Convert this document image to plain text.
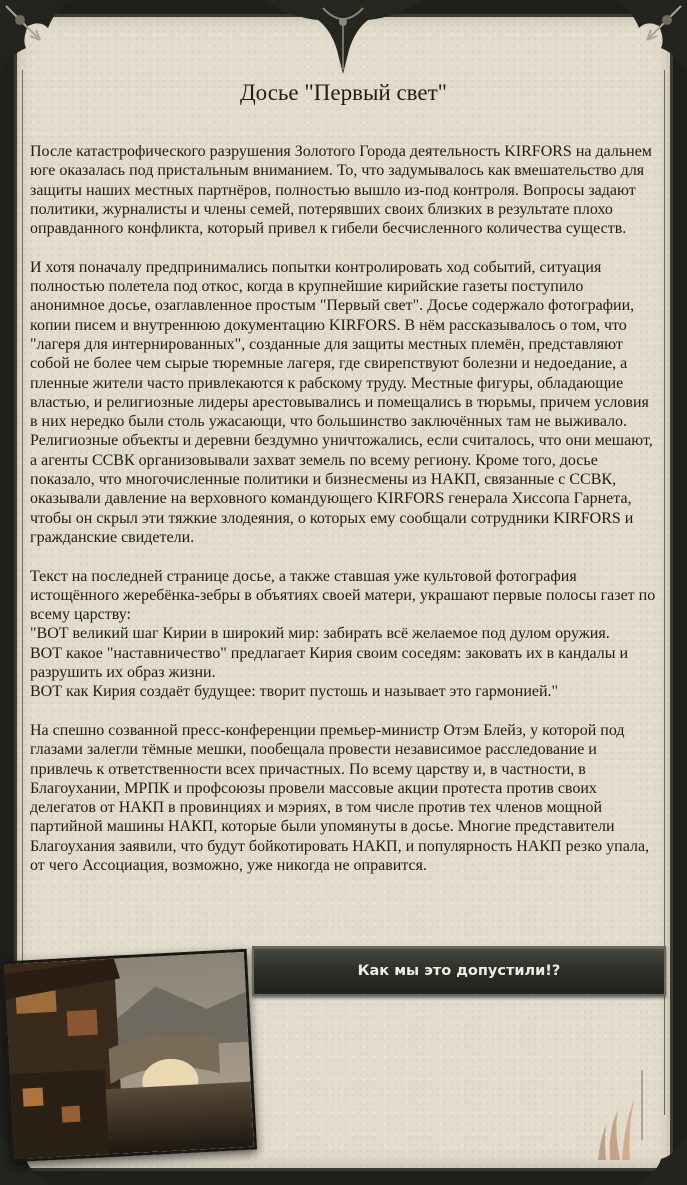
Досье "Первый свет"

После катастрофического разрушения Золотого Города деятельность KIRFORS на дальнем юге оказалась под пристальным вниманием. То, что задумывалось как вмешательство для защиты наших местных партнёров, полностью вышло из-под контроля. Вопросы задают политики, журналисты и члены семей, потерявших своих близких в результате плохо оправданного конфликта, который привел к гибели бесчисленного количества существ.

И хотя поначалу предпринимались попытки контролировать ход событий, ситуация полностью полетела под откос, когда в крупнейшие кирийские газеты поступило анонимное досье, озаглавленное простым "Первый свет". Досье содержало фотографии, копии писем и внутреннюю документацию KIRFORS. В нём рассказывалось о том, что "лагеря для интернированных", созданные для защиты местных племён, представляют собой не более чем сырые тюремные лагеря, где свирепствуют болезни и недоедание, а пленные жители часто привлекаются к рабскому труду. Местные фигуры, обладающие властью, и религиозные лидеры арестовывались и помещались в тюрьмы, причем условия в них нередко были столь ужасающи, что большинство заключённых там не выживало. Религиозные объекты и деревни бездумно уничтожались, если считалось, что они мешают, а агенты ССВК организовывали захват земель по всему региону. Кроме того, досье показало, что многочисленные политики и бизнесмены из НАКП, связанные с ССВК, оказывали давление на верховного командующего KIRFORS генерала Хиссопа Гарнета, чтобы он скрыл эти тяжкие злодеяния, о которых ему сообщали сотрудники KIRFORS и гражданские свидетели.

Текст на последней странице досье, а также ставшая уже культовой фотография истощённого жеребёнка-зебры в объятиях своей матери, украшают первые полосы газет по всему царству:
"ВОТ великий шаг Кирии в широкий мир: забирать всё желаемое под дулом оружия.
ВОТ какое "наставничество" предлагает Кирия своим соседям: заковать их в кандалы и разрушить их образ жизни.
ВОТ как Кирия создаёт будущее: творит пустошь и называет это гармонией."

На спешно созванной пресс-конференции премьер-министр Отэм Блейз, у которой под глазами залегли тёмные мешки, пообещала провести независимое расследование и привлечь к ответственности всех причастных. По всему царству и, в частности, в Благоухании, МРПК и профсоюзы провели массовые акции протеста против своих делегатов от НАКП в провинциях и мэриях, в том числе против тех членов мощной партийной машины НАКП, которые были упомянуты в досье. Многие представители Благоухания заявили, что будут бойкотировать НАКП, и популярность НАКП резко упала, от чего Ассоциация, возможно, уже никогда не оправится.

Как мы это допустили!?
